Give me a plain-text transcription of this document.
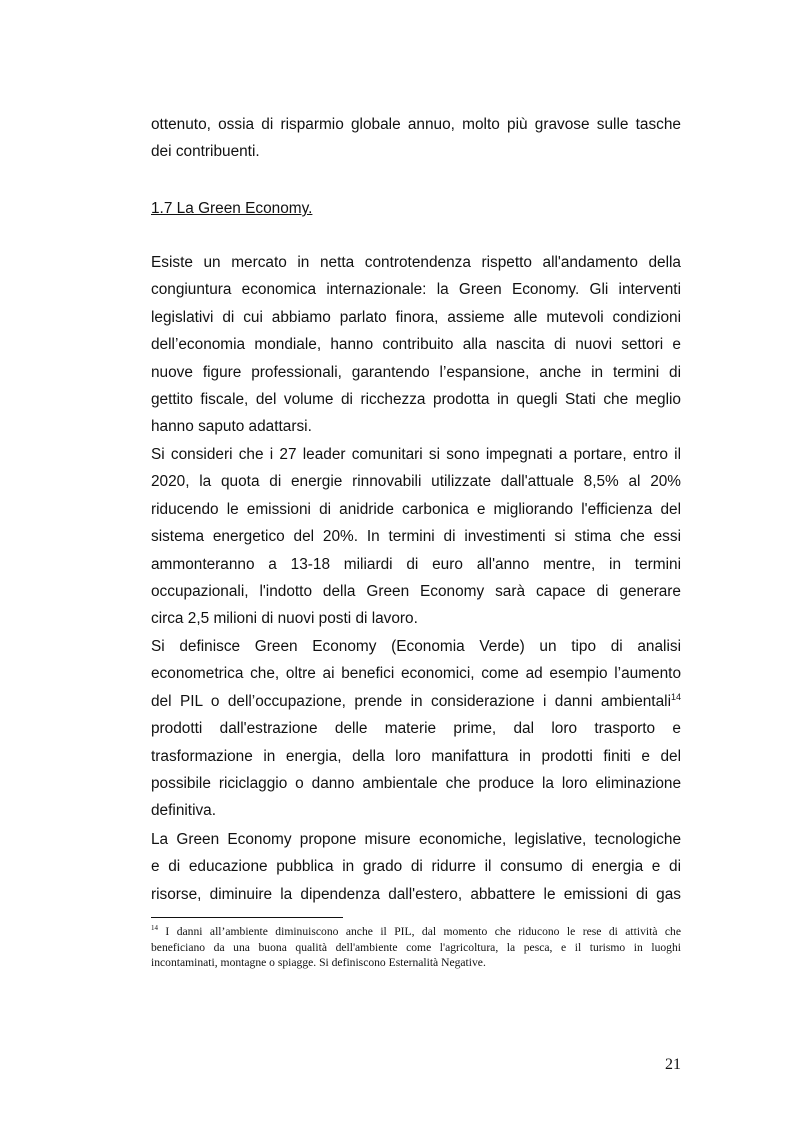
ottenuto, ossia di risparmio globale annuo, molto più gravose sulle tasche
dei contribuenti.
1.7 La Green Economy.
Esiste un mercato in netta controtendenza rispetto all'andamento della
congiuntura economica internazionale: la Green Economy. Gli interventi
legislativi di cui abbiamo parlato finora, assieme alle mutevoli condizioni
dell’economia mondiale, hanno contribuito alla nascita di nuovi settori e
nuove figure professionali, garantendo l’espansione, anche in termini di
gettito fiscale, del volume di ricchezza prodotta in quegli Stati che meglio
hanno saputo adattarsi.
Si consideri che i 27 leader comunitari si sono impegnati a portare, entro il
2020, la quota di energie rinnovabili utilizzate dall'attuale 8,5% al 20%
riducendo le emissioni di anidride carbonica e migliorando l'efficienza del
sistema energetico del 20%. In termini di investimenti si stima che essi
ammonteranno a 13-18 miliardi di euro all'anno mentre, in termini
occupazionali, l'indotto della Green Economy sarà capace di generare
circa 2,5 milioni di nuovi posti di lavoro.
Si definisce Green Economy (Economia Verde) un tipo di analisi
econometrica che, oltre ai benefici economici, come ad esempio l’aumento
del PIL o dell’occupazione, prende in considerazione i danni ambientali$^{14}$
prodotti dall'estrazione delle materie prime, dal loro trasporto e
trasformazione in energia, della loro manifattura in prodotti finiti e del
possibile riciclaggio o danno ambientale che produce la loro eliminazione
definitiva.
La Green Economy propone misure economiche, legislative, tecnologiche
e di educazione pubblica in grado di ridurre il consumo di energia e di
risorse, diminuire la dipendenza dall'estero, abbattere le emissioni di gas
$^{14}$ I danni all’ambiente diminuiscono anche il PIL, dal momento che riducono le rese di attività che
beneficiano da una buona qualità dell'ambiente come l'agricoltura, la pesca, e il turismo in luoghi
incontaminati, montagne o spiagge. Si definiscono Esternalità Negative.
21
